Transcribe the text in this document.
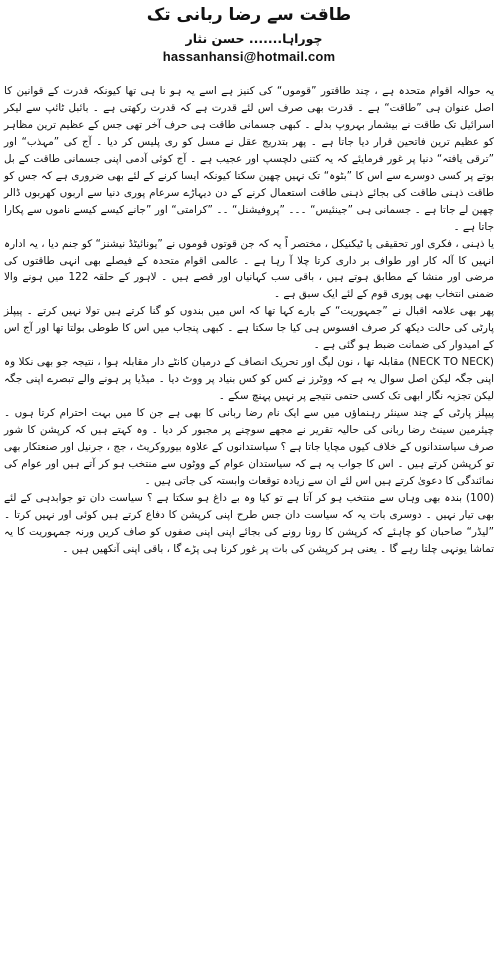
طاقت سے رضا ربانی تک
چوراہا....... حسن نثار
hassanhansi@hotmail.com

یہ حوالہ اقوام متحدہ ہے ، چند طاقتور ”قوموں“ کی کنیز ہے اسے یہ ہو نا ہی تھا کیونکہ قدرت کے قوانین کا اصل عنوان ہی ”طاقت“ ہے ۔ قدرت بھی صرف اس لئے قدرت ہے کہ قدرت رکھتی ہے ۔ بائبل ٹائپ سے لیکر اسرائیل تک طاقت نے بیشمار بہروپ بدلے ۔ کبھی جسمانی طاقت ہی حرف آخر تھی جس کے عظیم ترین مظاہر کو عظیم ترین فاتحین قرار دیا جاتا ہے ۔ پھر بتدریج عقل نے مسل کو ری پلیس کر دیا ۔ آج کی ”مہذب“ اور ”ترقی یافتہ“ دنیا پر غور فرمایئے کہ یہ کتنی دلچسپ اور عجیب ہے ۔ آج کوئی آدمی اپنی جسمانی طاقت کے بل بوتے پر کسی دوسرے سے اس کا ”بٹوہ“ تک نہیں چھین سکتا کیونکہ ایسا کرنے کے لئے بھی ضروری ہے کہ جس کو طاقت ذہنی طاقت کی بجائے ذہنی طاقت استعمال کرنے کے دن دیہاڑے سرعام پوری دنیا سے اربوں کھربوں ڈالر چھین لے جاتا ہے ۔ جسمانی ہی ”جینئیس“ ۔۔۔ ”پروفیشنل“ ۔۔ ”کرامتی“ اور ”جانے کیسے کیسے ناموں سے پکارا جاتا ہے ۔

یا ذہنی ، فکری اور تحقیقی یا ٹیکنیکل ، مختصر اً یہ کہ جن قوتوں قوموں نے ”یونائیٹڈ نیشنز“ کو جنم دیا ، یہ ادارہ انہیں کا آلہ کار اور طواف بر داری کرتا چلا آ رہا ہے ۔ عالمی اقوام متحدہ کے فیصلے بھی انہی طاقتوں کی مرضی اور منشا کے مطابق ہوتے ہیں ، باقی سب کہانیاں اور قصے ہیں ۔ لاہور کے حلقہ 122 میں ہونے والا ضمنی انتخاب بھی پوری قوم کے لئے ایک سبق ہے ۔

پھر بھی علامہ اقبال نے ”جمہوریت“ کے بارے کہا تھا کہ اس میں بندوں کو گنا کرتے ہیں تولا نہیں کرتے ۔ پیپلز پارٹی کی حالت دیکھ کر صرف افسوس ہی کیا جا سکتا ہے ۔ کبھی پنجاب میں اس کا طوطی بولتا تھا اور آج اس کے امیدوار کی ضمانت ضبط ہو گئی ہے ۔

(NECK TO NECK) مقابلہ تھا ، نون لیگ اور تحریک انصاف کے درمیان کانٹے دار مقابلہ ہوا ، نتیجہ جو بھی نکلا وہ اپنی جگہ لیکن اصل سوال یہ ہے کہ ووٹرز نے کس کو کس بنیاد پر ووٹ دیا ۔ میڈیا پر ہونے والے تبصرے اپنی جگہ لیکن تجزیہ نگار ابھی تک کسی حتمی نتیجے پر نہیں پہنچ سکے ۔

پیپلز پارٹی کے چند سینئر رہنماؤں میں سے ایک نام رضا ربانی کا بھی ہے جن کا میں بہت احترام کرتا ہوں ۔ چیئرمین سینٹ رضا ربانی کی حالیہ تقریر نے مجھے سوچنے پر مجبور کر دیا ۔ وہ کہتے ہیں کہ کرپشن کا شور صرف سیاستدانوں کے خلاف کیوں مچایا جاتا ہے ؟ سیاستدانوں کے علاوہ بیوروکریٹ ، جج ، جرنیل اور صنعتکار بھی تو کرپشن کرتے ہیں ۔ اس کا جواب یہ ہے کہ سیاستدان عوام کے ووٹوں سے منتخب ہو کر آتے ہیں اور عوام کی نمائندگی کا دعویٰ کرتے ہیں اس لئے ان سے زیادہ توقعات وابستہ کی جاتی ہیں ۔

(100) بندہ بھی وہاں سے منتخب ہو کر آتا ہے تو کیا وہ بے داغ ہو سکتا ہے ؟ سیاست دان تو جوابدہی کے لئے بھی تیار نہیں ۔ دوسری بات یہ کہ سیاست دان جس طرح اپنی کرپشن کا دفاع کرتے ہیں کوئی اور نہیں کرتا ۔ ”لیڈر“ صاحبان کو چاہئے کہ کرپشن کا رونا رونے کی بجائے اپنی اپنی صفوں کو صاف کریں ورنہ جمہوریت کا یہ تماشا یونہی چلتا رہے گا ۔ یعنی ہر کرپشن کی بات پر غور کرنا ہی پڑے گا ، باقی اپنی آنکھیں ہیں ۔
